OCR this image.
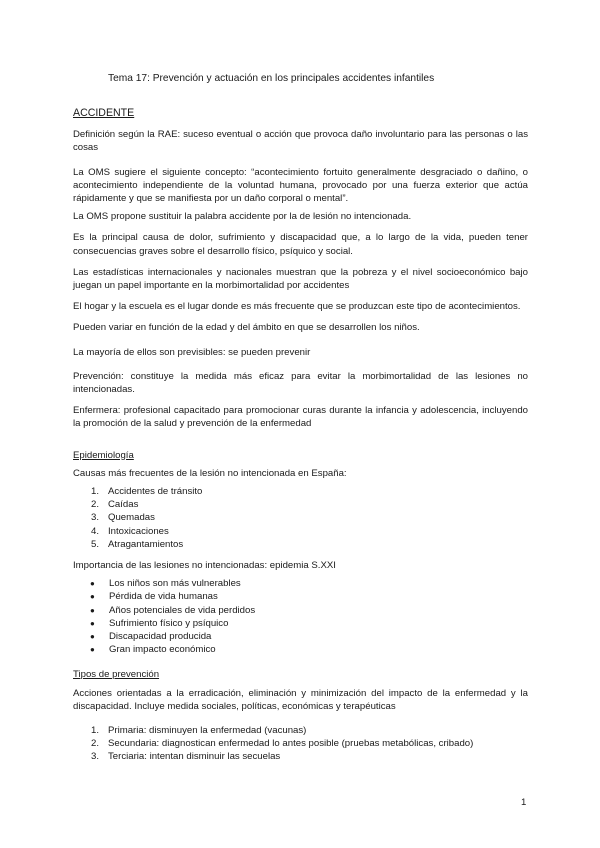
Tema 17: Prevención y actuación en los principales accidentes infantiles
ACCIDENTE

Definición según la RAE: suceso eventual o acción que provoca daño involuntario para las personas o las cosas

La OMS sugiere el siguiente concepto: “acontecimiento fortuito generalmente desgraciado o dañino, o acontecimiento independiente de la voluntad humana, provocado por una fuerza exterior que actúa rápidamente y que se manifiesta por un daño corporal o mental”.

La OMS propone sustituir la palabra accidente por la de lesión no intencionada.

Es la principal causa de dolor, sufrimiento y discapacidad que, a lo largo de la vida, pueden tener consecuencias graves sobre el desarrollo físico, psíquico y social.

Las estadísticas internacionales y nacionales muestran que la pobreza y el nivel socioeconómico bajo juegan un papel importante en la morbimortalidad por accidentes

El hogar y la escuela es el lugar donde es más frecuente que se produzcan este tipo de acontecimientos.

Pueden variar en función de la edad y del ámbito en que se desarrollen los niños.

La mayoría de ellos son previsibles: se pueden prevenir

Prevención: constituye la medida más eficaz para evitar la morbimortalidad de las lesiones no intencionadas.

Enfermera: profesional capacitado para promocionar curas durante la infancia y adolescencia, incluyendo la promoción de la salud y prevención de la enfermedad

Epidemiología

Causas más frecuentes de la lesión no intencionada en España:

1. Accidentes de tránsito
2. Caídas
3. Quemadas
4. Intoxicaciones
5. Atragantamientos

Importancia de las lesiones no intencionadas: epidemia S.XXI

● Los niños son más vulnerables
● Pérdida de vida humanas
● Años potenciales de vida perdidos
● Sufrimiento físico y psíquico
● Discapacidad producida
● Gran impacto económico
Tipos de prevención

Acciones orientadas a la erradicación, eliminación y minimización del impacto de la enfermedad y la discapacidad. Incluye medida sociales, políticas, económicas y terapéuticas

1. Primaria: disminuyen la enfermedad (vacunas)
2. Secundaria: diagnostican enfermedad lo antes posible (pruebas metabólicas, cribado)
3. Terciaria: intentan disminuir las secuelas
1
